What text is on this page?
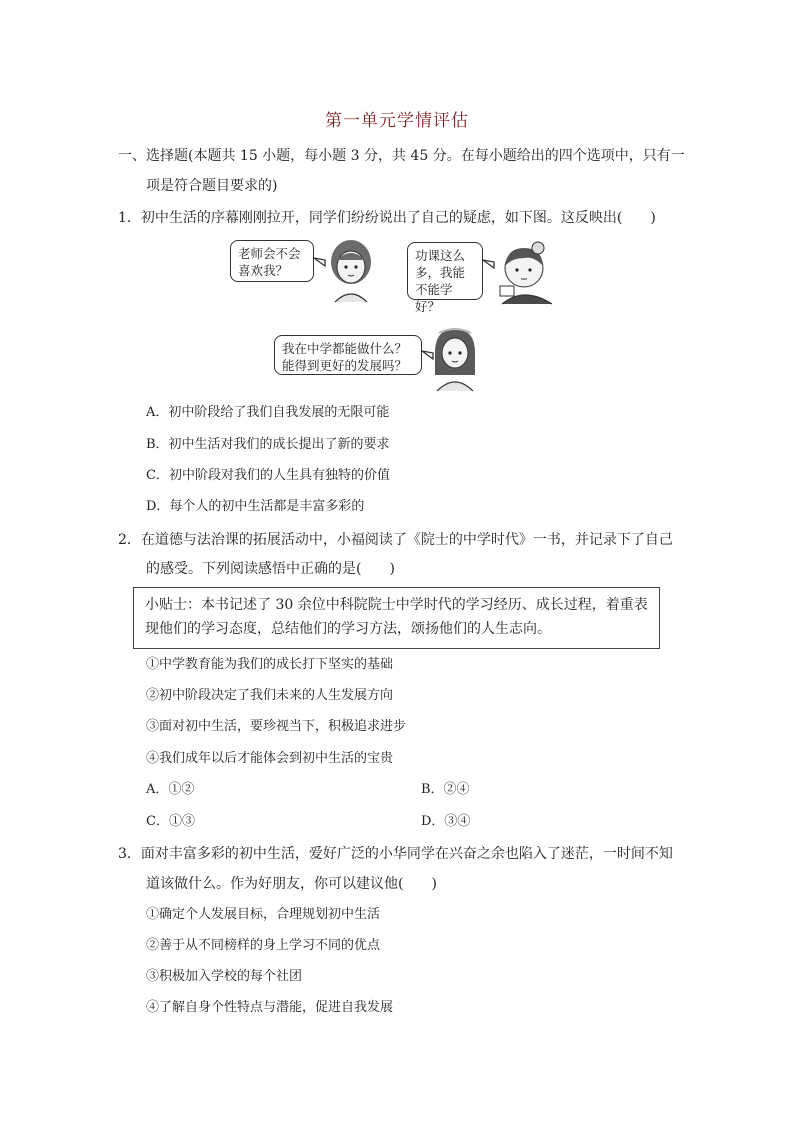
第一单元学情评估
一、选择题(本题共 15 小题，每小题 3 分，共 45 分。在每小题给出的四个选项中，只有一
项是符合题目要求的)
1．初中生活的序幕刚刚拉开，同学们纷纷说出了自己的疑虑，如下图。这反映出(　　)
老师会不会
喜欢我？
功课这么
多，我能
不能学好？
我在中学都能做什么？
能得到更好的发展吗？
A．初中阶段给了我们自我发展的无限可能
B．初中生活对我们的成长提出了新的要求
C．初中阶段对我们的人生具有独特的价值
D．每个人的初中生活都是丰富多彩的
2．在道德与法治课的拓展活动中，小福阅读了《院士的中学时代》一书，并记录下了自己
的感受。下列阅读感悟中正确的是(　　)
小贴士：本书记述了 30 余位中科院院士中学时代的学习经历、成长过程，着重表现他们的学习态度，总结他们的学习方法，颂扬他们的人生志向。
①中学教育能为我们的成长打下坚实的基础
②初中阶段决定了我们未来的人生发展方向
③面对初中生活，要珍视当下，积极追求进步
④我们成年以后才能体会到初中生活的宝贵
A．①②	B．②④
C．①③	D．③④
3．面对丰富多彩的初中生活，爱好广泛的小华同学在兴奋之余也陷入了迷茫，一时间不知
道该做什么。作为好朋友，你可以建议他(　　)
①确定个人发展目标，合理规划初中生活
②善于从不同榜样的身上学习不同的优点
③积极加入学校的每个社团
④了解自身个性特点与潜能，促进自我发展
